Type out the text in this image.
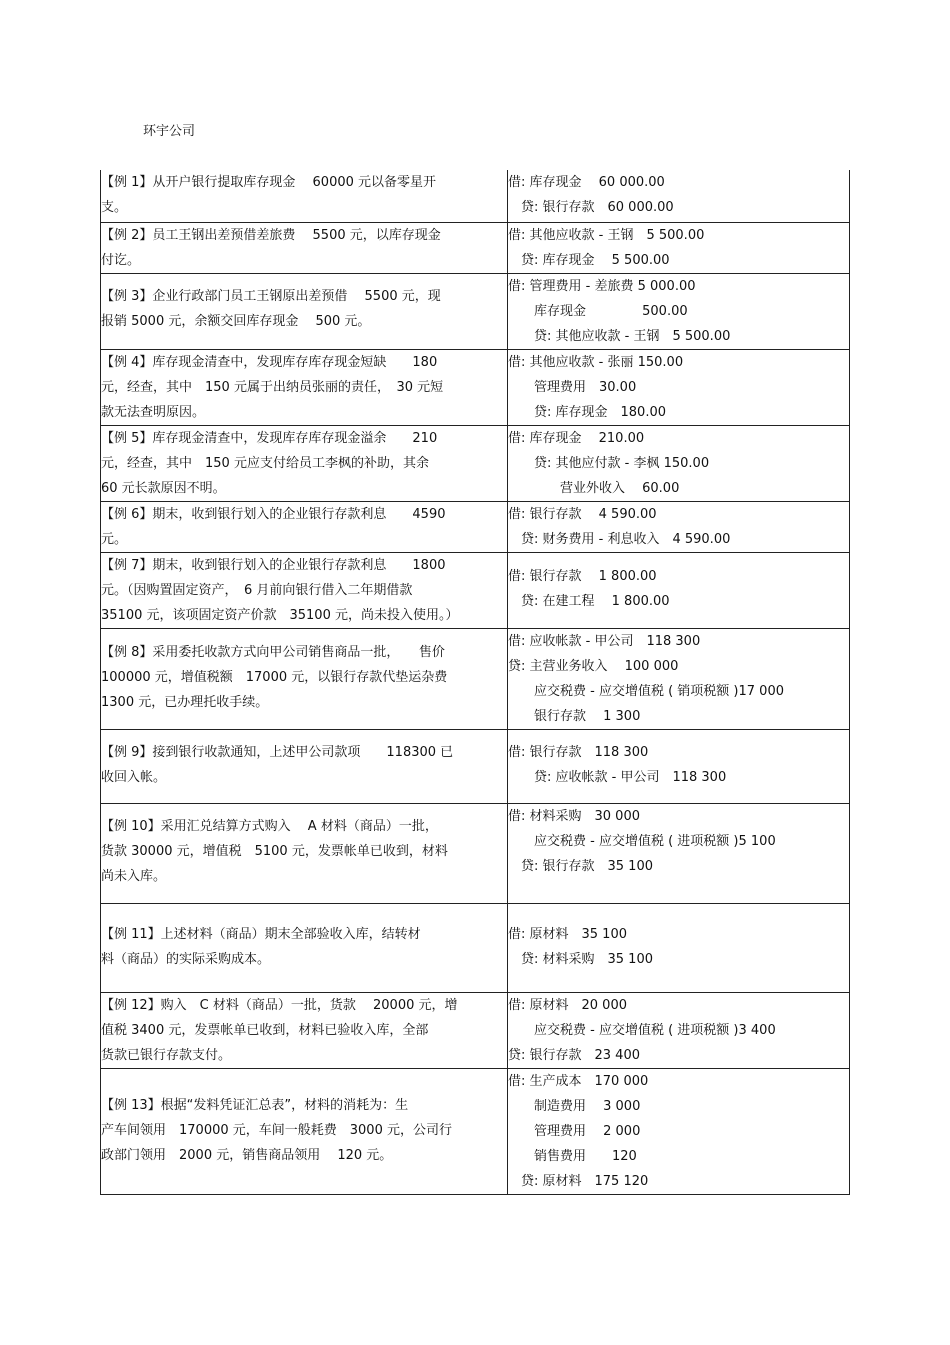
环宇公司
【例 1】从开户银行提取库存现金　 60000 元以备零星开
支。	借: 库存现金　 60 000.00
　贷: 银行存款　60 000.00
【例 2】员工王钢出差预借差旅费　 5500 元，以库存现金
付讫。	借: 其他应收款 - 王钢　5 500.00
　贷: 库存现金　 5 500.00
【例 3】企业行政部门员工王钢原出差预借　 5500 元，现
报销 5000 元，余额交回库存现金　 500 元。	借: 管理费用 - 差旅费 5 000.00
　　库存现金　　　　 500.00
　　贷: 其他应收款 - 王钢　5 500.00
【例 4】库存现金清查中，发现库存库存现金短缺　　180
元，经查，其中　150 元属于出纳员张丽的责任，　30 元短
款无法查明原因。	借: 其他应收款 - 张丽 150.00
　　管理费用　30.00
　　贷: 库存现金　180.00
【例 5】库存现金清查中，发现库存库存现金溢余　　210
元，经查，其中　150 元应支付给员工李枫的补助，其余
60 元长款原因不明。	借: 库存现金　 210.00
　　贷: 其他应付款 - 李枫 150.00
　　　　营业外收入　 60.00
【例 6】期末，收到银行划入的企业银行存款利息　　4590
元。	借: 银行存款　 4 590.00
　贷: 财务费用 - 利息收入　4 590.00
【例 7】期末，收到银行划入的企业银行存款利息　　1800
元。（因购置固定资产，　6 月前向银行借入二年期借款
35100 元，该项固定资产价款　35100 元，尚未投入使用。）	借: 银行存款　 1 800.00
　贷: 在建工程　 1 800.00
【例 8】采用委托收款方式向甲公司销售商品一批，　　售价
100000 元，增值税额　17000 元，以银行存款代垫运杂费
1300 元，已办理托收手续。	借: 应收帐款 - 甲公司　118 300
贷: 主营业务收入　 100 000
　　应交税费 - 应交增值税 ( 销项税额 )17 000
　　银行存款　 1 300
【例 9】接到银行收款通知，上述甲公司款项　　118300 已
收回入帐。	借: 银行存款　118 300
　　贷: 应收帐款 - 甲公司　118 300
【例 10】采用汇兑结算方式购入　 A 材料（商品）一批，
货款 30000 元，增值税　5100 元，发票帐单已收到，材料
尚未入库。	借: 材料采购　30 000
　　应交税费 - 应交增值税 ( 进项税额 )5 100
　贷: 银行存款　35 100
【例 11】上述材料（商品）期末全部验收入库，结转材
料（商品）的实际采购成本。	借: 原材料　35 100
　贷: 材料采购　35 100
【例 12】购入　C 材料（商品）一批，货款　 20000 元，增
值税 3400 元，发票帐单已收到，材料已验收入库，全部
货款已银行存款支付。	借: 原材料　20 000
　　应交税费 - 应交增值税 ( 进项税额 )3 400
贷: 银行存款　23 400
【例 13】根据“发料凭证汇总表”，材料的消耗为：生
产车间领用　170000 元，车间一般耗费　3000 元，公司行
政部门领用　2000 元，销售商品领用　 120 元。	借: 生产成本　170 000
　　制造费用　 3 000
　　管理费用　 2 000
　　销售费用　　120
　贷: 原材料　175 120
